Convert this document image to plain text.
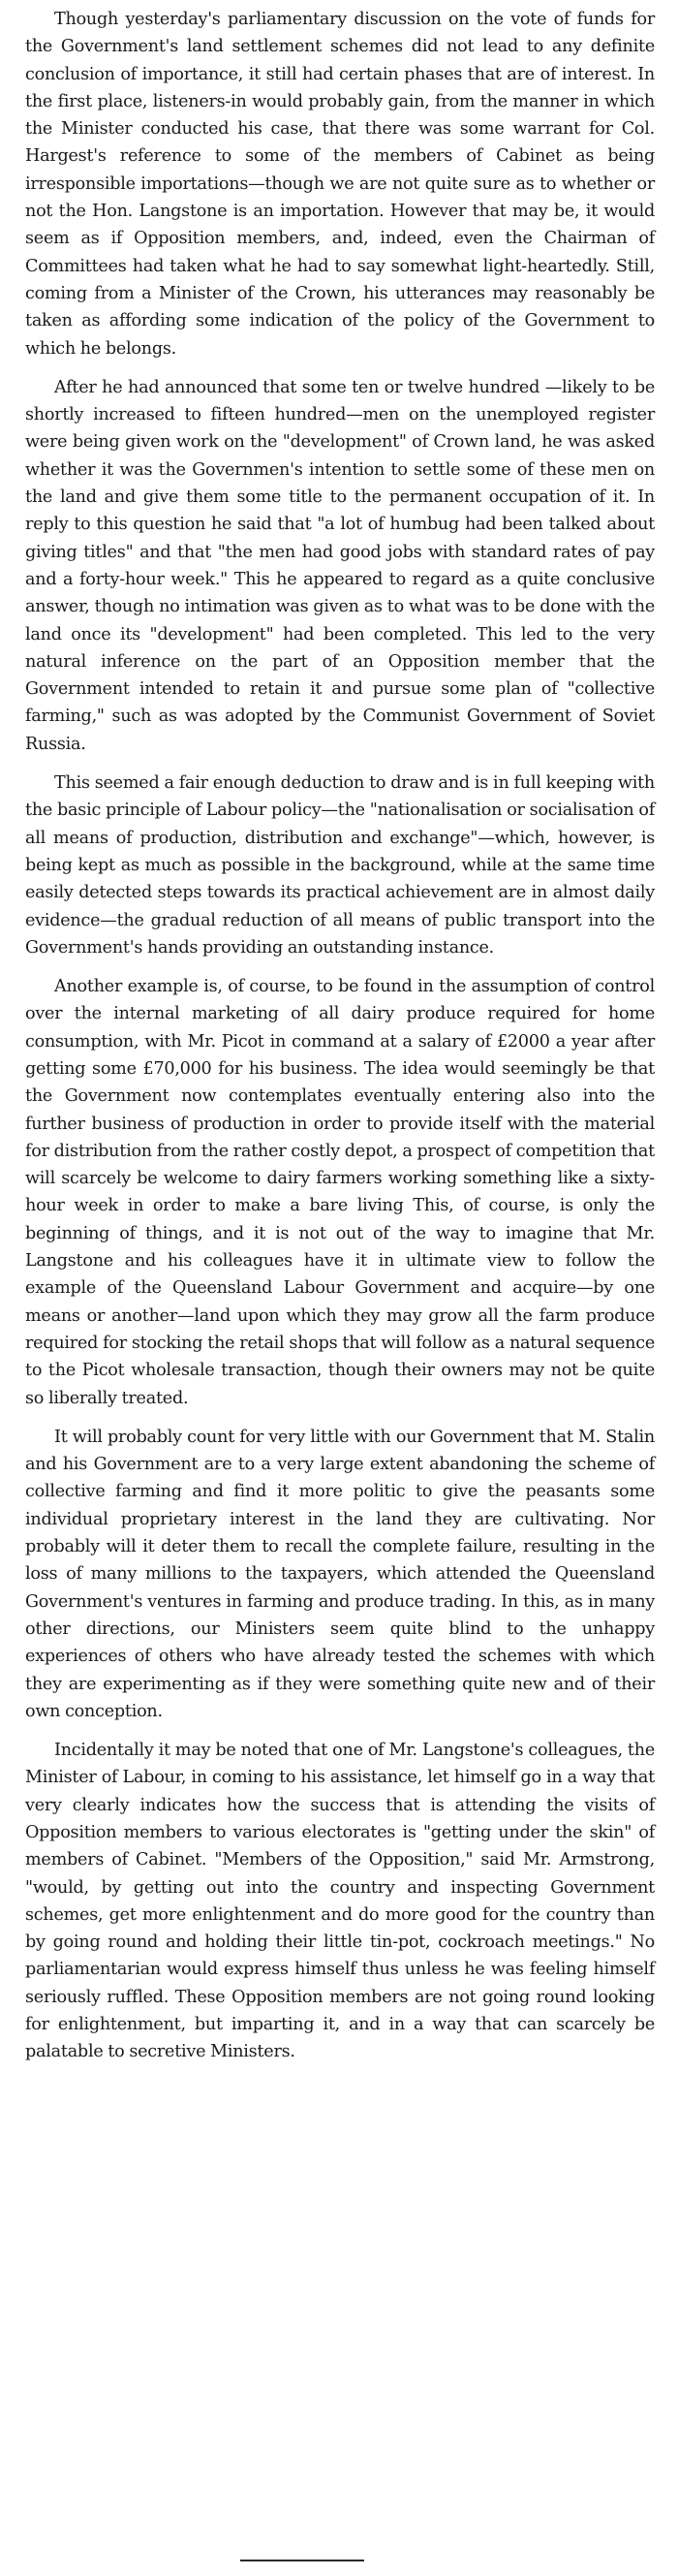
Though yesterday's parliamentary discussion on the vote of funds for the Government's land settlement schemes did not lead to any definite conclusion of importance, it still had certain phases that are of interest. In the first place, listeners-in would probably gain, from the manner in which the Minister conducted his case, that there was some warrant for Col. Hargest's reference to some of the members of Cabinet as being irresponsible importations—though we are not quite sure as to whether or not the Hon. Langstone is an importation. However that may be, it would seem as if Opposition members, and, indeed, even the Chairman of Committees had taken what he had to say somewhat light-heartedly. Still, coming from a Minister of the Crown, his utterances may reasonably be taken as affording some indication of the policy of the Government to which he belongs.

After he had announced that some ten or twelve hundred —likely to be shortly increased to fifteen hundred—men on the unemployed register were being given work on the "development" of Crown land, he was asked whether it was the Governmen's intention to settle some of these men on the land and give them some title to the permanent occupation of it. In reply to this question he said that "a lot of humbug had been talked about giving titles" and that "the men had good jobs with standard rates of pay and a forty-hour week." This he appeared to regard as a quite conclusive answer, though no intimation was given as to what was to be done with the land once its "development" had been completed. This led to the very natural inference on the part of an Opposition member that the Government intended to retain it and pursue some plan of "collective farming," such as was adopted by the Communist Government of Soviet Russia.

This seemed a fair enough deduction to draw and is in full keeping with the basic principle of Labour policy—the "nationalisation or socialisation of all means of production, distribution and exchange"—which, however, is being kept as much as possible in the background, while at the same time easily detected steps towards its practical achievement are in almost daily evidence—the gradual reduction of all means of public transport into the Government's hands providing an outstanding instance.

Another example is, of course, to be found in the assumption of control over the internal marketing of all dairy produce required for home consumption, with Mr. Picot in command at a salary of £2000 a year after getting some £70,000 for his business. The idea would seemingly be that the Government now contemplates eventually entering also into the further business of production in order to provide itself with the material for distribution from the rather costly depot, a prospect of competition that will scarcely be welcome to dairy farmers working something like a sixty-hour week in order to make a bare living This, of course, is only the beginning of things, and it is not out of the way to imagine that Mr. Langstone and his colleagues have it in ultimate view to follow the example of the Queensland Labour Government and acquire—by one means or another—land upon which they may grow all the farm produce required for stocking the retail shops that will follow as a natural sequence to the Picot wholesale transaction, though their owners may not be quite so liberally treated.

It will probably count for very little with our Government that M. Stalin and his Government are to a very large extent abandoning the scheme of collective farming and find it more politic to give the peasants some individual proprietary interest in the land they are cultivating. Nor probably will it deter them to recall the complete failure, resulting in the loss of many millions to the taxpayers, which attended the Queensland Government's ventures in farming and produce trading. In this, as in many other directions, our Ministers seem quite blind to the unhappy experiences of others who have already tested the schemes with which they are experimenting as if they were something quite new and of their own conception.

Incidentally it may be noted that one of Mr. Langstone's colleagues, the Minister of Labour, in coming to his assistance, let himself go in a way that very clearly indicates how the success that is attending the visits of Opposition members to various electorates is "getting under the skin" of members of Cabinet. "Members of the Opposition," said Mr. Armstrong, "would, by getting out into the country and inspecting Government schemes, get more enlightenment and do more good for the country than by going round and holding their little tin-pot, cockroach meetings." No parliamentarian would express himself thus unless he was feeling himself seriously ruffled. These Opposition members are not going round looking for enlightenment, but imparting it, and in a way that can scarcely be palatable to secretive Ministers.
